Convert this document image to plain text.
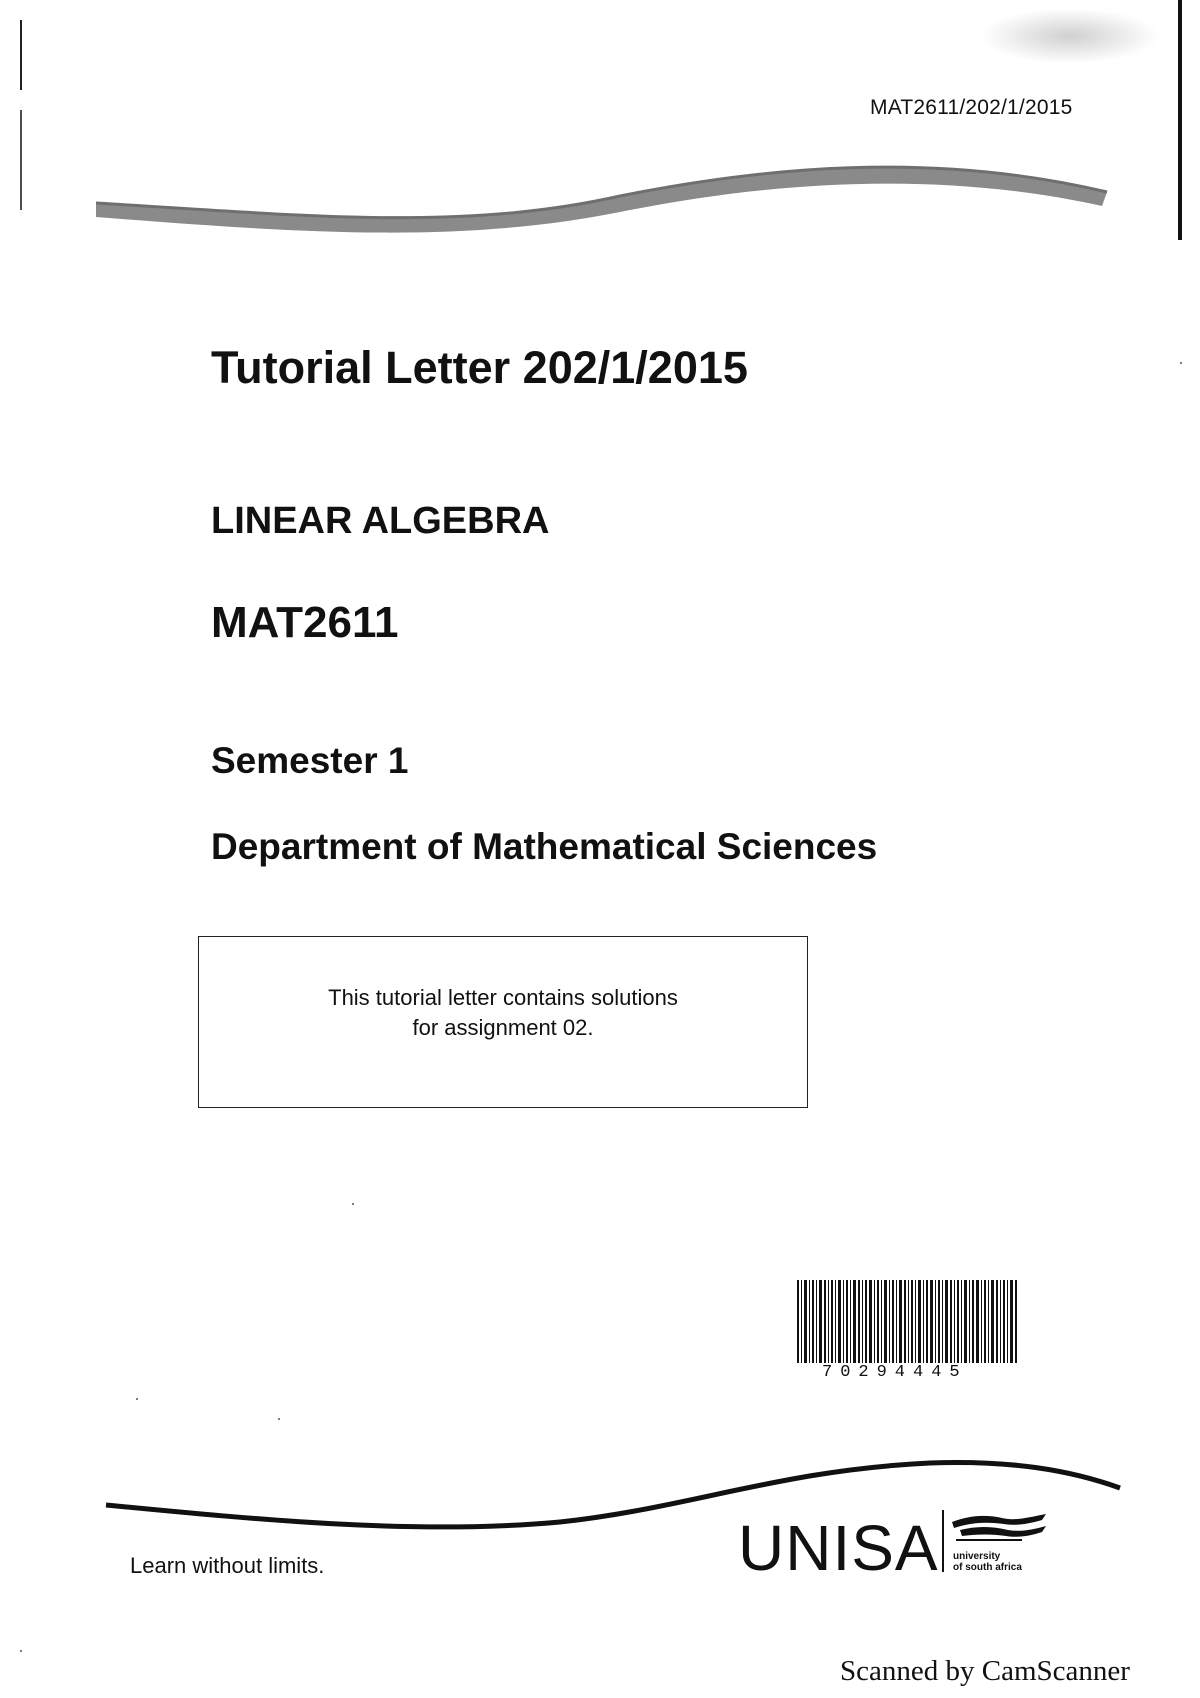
MAT2611/202/1/2015
Tutorial Letter 202/1/2015
LINEAR ALGEBRA
MAT2611
Semester 1
Department of Mathematical Sciences
This tutorial letter contains solutions
for assignment 02.
70294445
Learn without limits.	UNISA university
of south africa
Scanned by CamScanner
